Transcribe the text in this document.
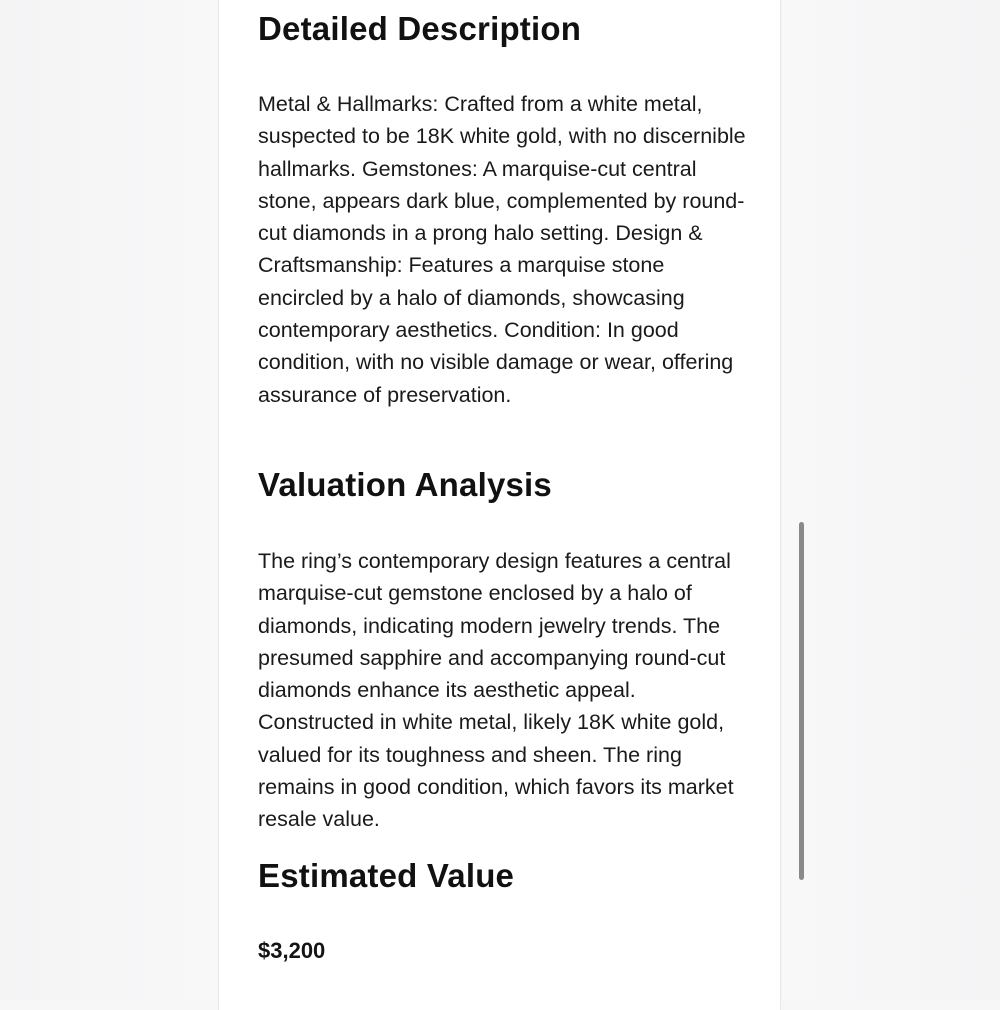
Detailed Description

Metal & Hallmarks: Crafted from a white metal, suspected to be 18K white gold, with no discernible hallmarks. Gemstones: A marquise-cut central stone, appears dark blue, complemented by round-cut diamonds in a prong halo setting. Design & Craftsmanship: Features a marquise stone encircled by a halo of diamonds, showcasing contemporary aesthetics. Condition: In good condition, with no visible damage or wear, offering assurance of preservation.

Valuation Analysis

The ring’s contemporary design features a central marquise-cut gemstone enclosed by a halo of diamonds, indicating modern jewelry trends. The presumed sapphire and accompanying round-cut diamonds enhance its aesthetic appeal. Constructed in white metal, likely 18K white gold, valued for its toughness and sheen. The ring remains in good condition, which favors its market resale value.

Estimated Value

$3,200
